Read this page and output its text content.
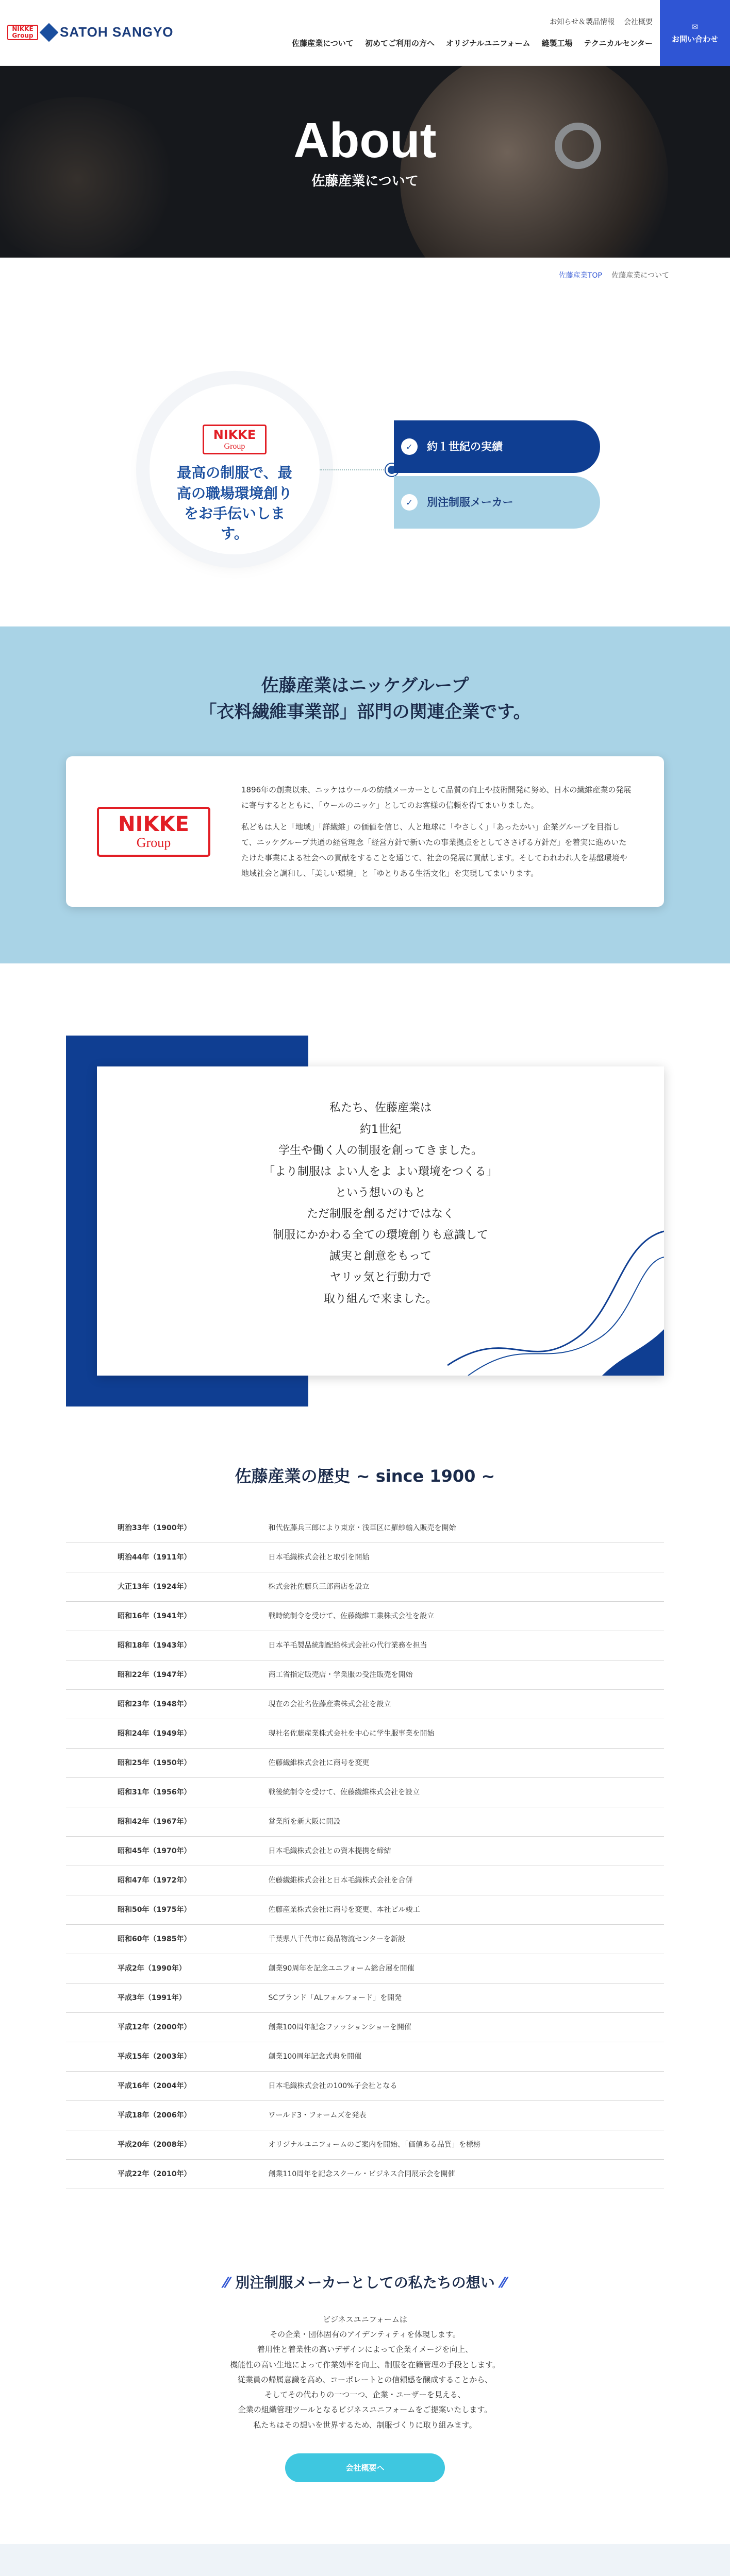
NIKKE Group	SATOH SANGYO
お知らせ＆製品情報 会社概要
佐藤産業について 初めてご利用の方へ オリジナルユニフォーム 縫製工場 テクニカルセンター
✉
お問い合わせ
About

佐藤産業について

佐藤産業TOP 佐藤産業について
NIKKE
Group
最高の制服で、最高の職場環境創りをお手伝いします。
✓	約１世紀の実績
✓	別注制服メーカー
佐藤産業はニッケグループ
「衣料繊維事業部」部門の関連企業です。
NIKKE
Group

1896年の創業以来、ニッケはウールの紡績メーカーとして品質の向上や技術開発に努め、日本の繊維産業の発展に寄与するとともに、「ウールのニッケ」としてのお客様の信頼を得てまいりました。

私どもは人と「地域」「詳繊維」の価値を信じ、人と地球に「やさしく」「あったかい」企業グループを目指して、ニッケグループ共通の経営理念「経営方針で新いたの事業拠点をとしてささげる方針だ」を着実に進めいたたけた事業による社会への貢献をすることを通じて、社会の発展に貢献します。そしてわれわれ人を基盤環境や地域社会と調和し、「美しい環境」と「ゆとりある生活文化」を実現してまいります。

私たち、佐藤産業は

約1世紀

学生や働く人の制服を創ってきました。

「より制服は よい人をよ よい環境をつくる」

という想いのもと

ただ制服を創るだけではなく

制服にかかわる全ての環境創りも意識して

誠実と創意をもって

ヤリッ気と行動力で

取り組んで来ました。

佐藤産業の歴史 ~ since 1900 ~
明治33年（1900年）	和代佐藤兵三郎により東京・浅草区に羅紗輸入販売を開始
明治44年（1911年）	日本毛織株式会社と取引を開始
大正13年（1924年）	株式会社佐藤兵三郎商店を設立
昭和16年（1941年）	戦時統制令を受けて、佐藤繊維工業株式会社を設立
昭和18年（1943年）	日本羊毛製品統制配給株式会社の代行業務を担当
昭和22年（1947年）	商工省指定販売店・学業服の受注販売を開始
昭和23年（1948年）	現在の会社名佐藤産業株式会社を設立
昭和24年（1949年）	現社名佐藤産業株式会社を中心に学生服事業を開始
昭和25年（1950年）	佐藤繊維株式会社に商号を変更
昭和31年（1956年）	戦後統制令を受けて、佐藤繊維株式会社を設立
昭和42年（1967年）	営業所を新大阪に開設
昭和45年（1970年）	日本毛織株式会社との資本提携を締結
昭和47年（1972年）	佐藤繊維株式会社と日本毛織株式会社を合併
昭和50年（1975年）	佐藤産業株式会社に商号を変更、本社ビル竣工
昭和60年（1985年）	千葉県八千代市に商品物流センターを新設
平成2年（1990年）	創業90周年を記念ユニフォーム総合展を開催
平成3年（1991年）	SCブランド「ALフォルフォード」を開発
平成12年（2000年）	創業100周年記念ファッションショーを開催
平成15年（2003年）	創業100周年記念式典を開催
平成16年（2004年）	日本毛織株式会社の100%子会社となる
平成18年（2006年）	ワールド3・フォームズを発表
平成20年（2008年）	オリジナルユニフォームのご案内を開始、「価値ある品質」を標榜
平成22年（2010年）	創業110周年を記念スクール・ビジネス合同展示会を開催
⁄⁄ 別注制服メーカーとしての私たちの想い ⁄⁄

ビジネスユニフォームは

その企業・団体固有のアイデンティティを体現します。

着用性と着業性の高いデザインによって企業イメージを向上、

機能性の高い生地によって作業効率を向上、制服を在籍管理の手段とします。

従業員の帰属意識を高め、コーポレートとの信頼感を醸成することから、

そしてその代わりの一つ一つ、企業・ユーザーを見える、

企業の組織管理ツールとなるビジネスユニフォームをご提案いたします。

私たちはその想いを世界するため、制服づくりに取り組みます。

会社概要へ
